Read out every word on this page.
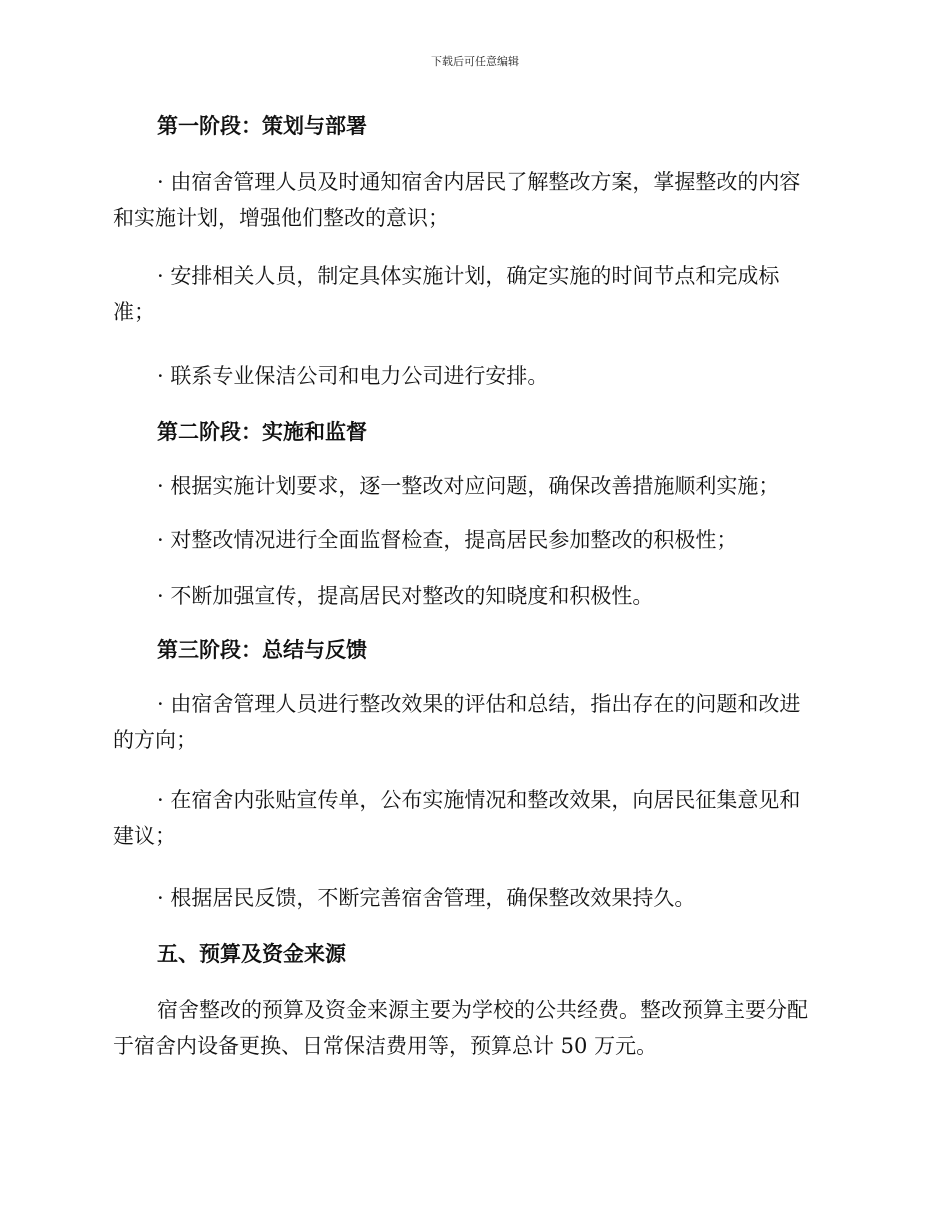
下载后可任意编辑
第一阶段：策划与部署
· 由宿舍管理人员及时通知宿舍内居民了解整改方案，掌握整改的内容
和实施计划，增强他们整改的意识；
· 安排相关人员，制定具体实施计划，确定实施的时间节点和完成标
准；
· 联系专业保洁公司和电力公司进行安排。
第二阶段：实施和监督
· 根据实施计划要求，逐一整改对应问题，确保改善措施顺利实施；
· 对整改情况进行全面监督检查，提高居民参加整改的积极性；
· 不断加强宣传，提高居民对整改的知晓度和积极性。
第三阶段：总结与反馈
· 由宿舍管理人员进行整改效果的评估和总结，指出存在的问题和改进
的方向；
· 在宿舍内张贴宣传单，公布实施情况和整改效果，向居民征集意见和
建议；
· 根据居民反馈，不断完善宿舍管理，确保整改效果持久。
五、预算及资金来源
宿舍整改的预算及资金来源主要为学校的公共经费。整改预算主要分配
于宿舍内设备更换、日常保洁费用等，预算总计 50 万元。
